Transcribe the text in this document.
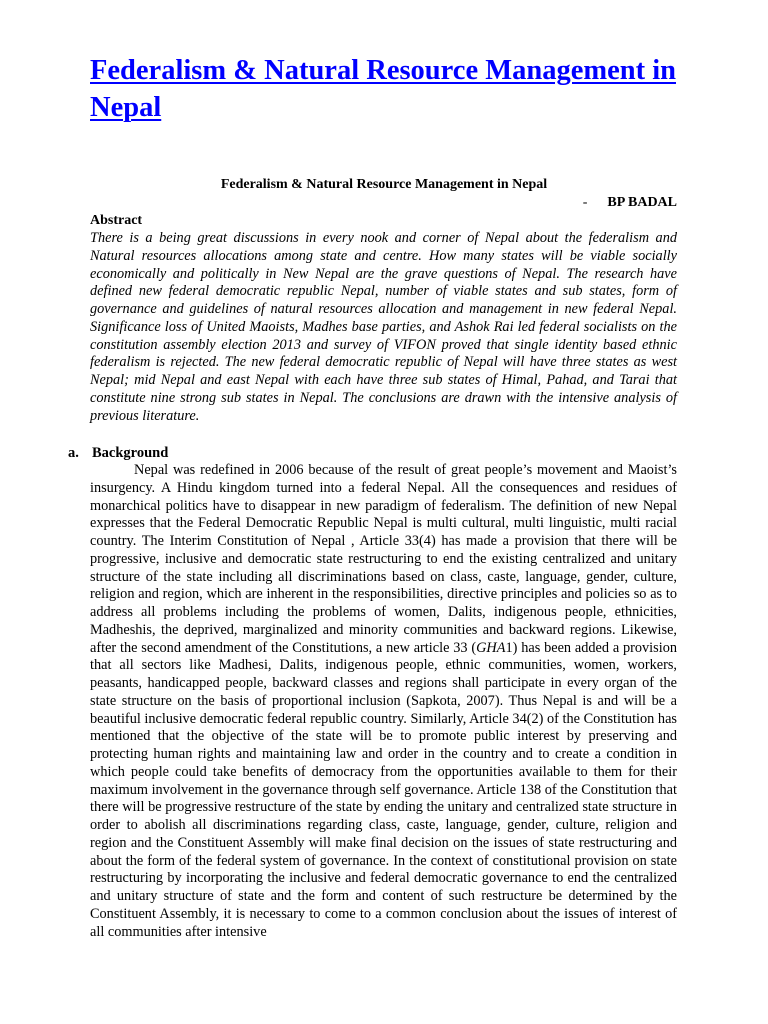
Federalism & Natural Resource Management in Nepal
Federalism & Natural Resource Management in Nepal
- BP BADAL
Abstract

There is a being great discussions in every nook and corner of Nepal about the federalism and Natural resources allocations among state and centre. How many states will be viable socially economically and politically in New Nepal are the grave questions of Nepal. The research have defined new federal democratic republic Nepal, number of viable states and sub states, form of governance and guidelines of natural resources allocation and management in new federal Nepal. Significance loss of United Maoists, Madhes base parties, and Ashok Rai led federal socialists on the constitution assembly election 2013 and survey of VIFON proved that single identity based ethnic federalism is rejected. The new federal democratic republic of Nepal will have three states as west Nepal; mid Nepal and east Nepal with each have three sub states of Himal, Pahad, and Tarai that constitute nine strong sub states in Nepal. The conclusions are drawn with the intensive analysis of previous literature.

a. Background

Nepal was redefined in 2006 because of the result of great people’s movement and Maoist’s insurgency. A Hindu kingdom turned into a federal Nepal. All the consequences and residues of monarchical politics have to disappear in new paradigm of federalism. The definition of new Nepal expresses that the Federal Democratic Republic Nepal is multi cultural, multi linguistic, multi racial country. The Interim Constitution of Nepal , Article 33(4) has made a provision that there will be progressive, inclusive and democratic state restructuring to end the existing centralized and unitary structure of the state including all discriminations based on class, caste, language, gender, culture, religion and region, which are inherent in the responsibilities, directive principles and policies so as to address all problems including the problems of women, Dalits, indigenous people, ethnicities, Madheshis, the deprived, marginalized and minority communities and backward regions. Likewise, after the second amendment of the Constitutions, a new article 33 (GHA1) has been added a provision that all sectors like Madhesi, Dalits, indigenous people, ethnic communities, women, workers, peasants, handicapped people, backward classes and regions shall participate in every organ of the state structure on the basis of proportional inclusion (Sapkota, 2007). Thus Nepal is and will be a beautiful inclusive democratic federal republic country. Similarly, Article 34(2) of the Constitution has mentioned that the objective of the state will be to promote public interest by preserving and protecting human rights and maintaining law and order in the country and to create a condition in which people could take benefits of democracy from the opportunities available to them for their maximum involvement in the governance through self governance. Article 138 of the Constitution that there will be progressive restructure of the state by ending the unitary and centralized state structure in order to abolish all discriminations regarding class, caste, language, gender, culture, religion and region and the Constituent Assembly will make final decision on the issues of state restructuring and about the form of the federal system of governance. In the context of constitutional provision on state restructuring by incorporating the inclusive and federal democratic governance to end the centralized and unitary structure of state and the form and content of such restructure be determined by the Constituent Assembly, it is necessary to come to a common conclusion about the issues of interest of all communities after intensive
